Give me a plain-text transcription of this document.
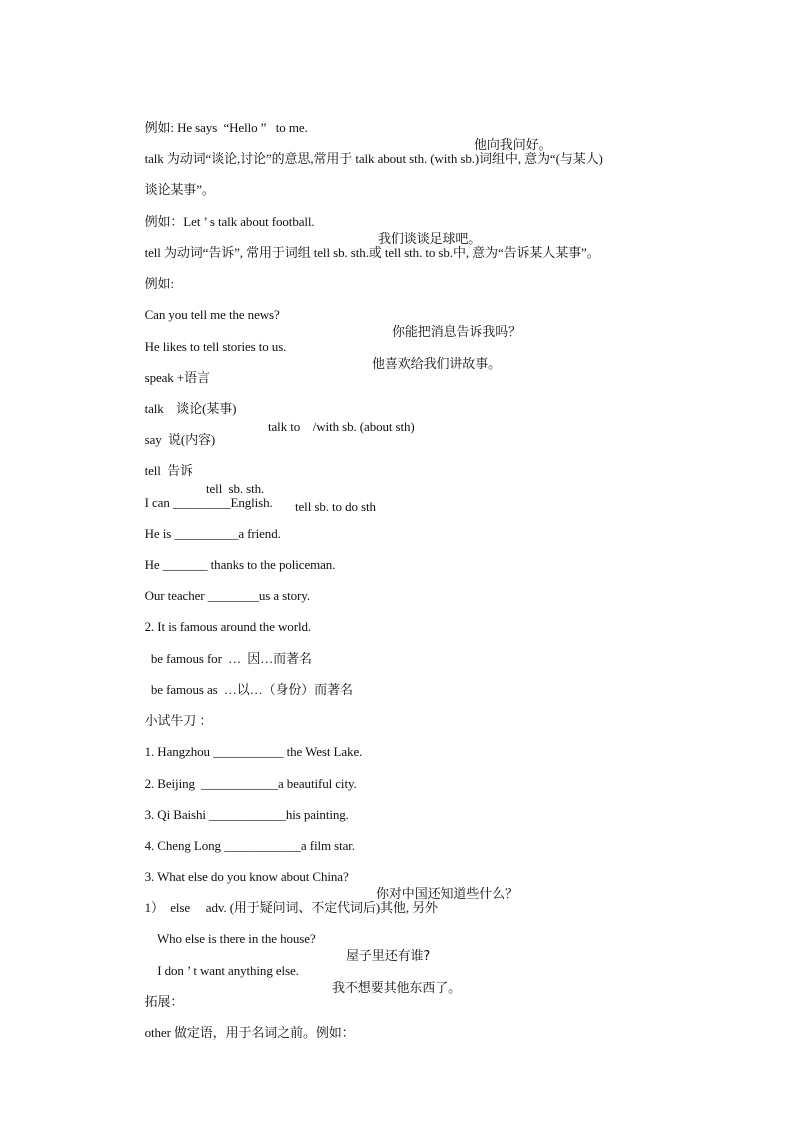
例如: He says  “Hello ”   to me.

他向我问好。

talk 为动词“谈论,讨论”的意思,常用于 talk about sth. (with sb.)词组中, 意为“(与某人)

谈论某事”。

例如：Let ’ s talk about football.

我们谈谈足球吧。

tell 为动词“告诉”, 常用于词组 tell sb. sth.或 tell sth. to sb.中, 意为“告诉某人某事”。

例如:

Can you tell me the news?

你能把消息告诉我吗？

He likes to tell stories to us.

他喜欢给我们讲故事。

speak +语言

talk    谈论(某事)

talk to    /with sb. (about sth)

say  说(内容)

tell  告诉

tell  sb. sth.

tell sb. to do sth

I can _________English.

He is __________a friend.

He _______ thanks to the policeman.

Our teacher ________us a story.

2. It is famous around the world.

be famous for  …  因…而著名

be famous as  …以…（身份）而著名

小试牛刀 ：

1. Hangzhou ___________ the West Lake.

2. Beijing  ____________a beautiful city.

3. Qi Baishi ____________his painting.

4. Cheng Long ____________a film star.

3. What else do you know about China?

你对中国还知道些什么？

1）  else     adv. (用于疑问词、不定代词后)其他, 另外

Who else is there in the house?

屋子里还有谁?

I don ’ t want anything else.

我不想要其他东西了。

拓展：

other 做定语，用于名词之前。例如：
